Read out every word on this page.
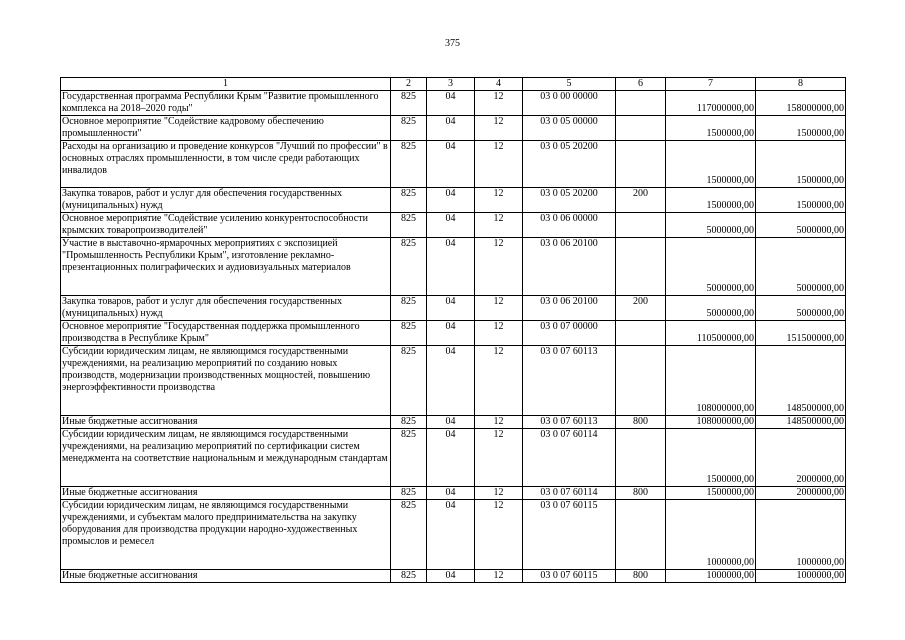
375
1	2	3	4	5	6	7	8
Государственная программа Республики Крым "Развитие промышленного комплекса на 2018–2020 годы"	825	04	12	03 0 00 00000		117000000,00	158000000,00
Основное мероприятие "Содействие кадровому обеспечению промышленности"	825	04	12	03 0 05 00000		1500000,00	1500000,00
Расходы на организацию и проведение конкурсов "Лучший по профессии" в основных отраслях промышленности, в том числе среди работающих инвалидов	825	04	12	03 0 05 20200		1500000,00	1500000,00
Закупка товаров, работ и услуг для обеспечения государственных (муниципальных) нужд	825	04	12	03 0 05 20200	200	1500000,00	1500000,00
Основное мероприятие "Содействие усилению конкурентоспособности крымских товаропроизводителей"	825	04	12	03 0 06 00000		5000000,00	5000000,00
Участие в выставочно-ярмарочных мероприятиях с экспозицией "Промышленность Республики Крым", изготовление рекламно-презентационных полиграфических и аудиовизуальных материалов	825	04	12	03 0 06 20100		5000000,00	5000000,00
Закупка товаров, работ и услуг для обеспечения государственных (муниципальных) нужд	825	04	12	03 0 06 20100	200	5000000,00	5000000,00
Основное мероприятие "Государственная поддержка промышленного производства в Республике Крым"	825	04	12	03 0 07 00000		110500000,00	151500000,00
Субсидии юридическим лицам, не являющимся государственными учреждениями, на реализацию мероприятий по созданию новых производств, модернизации производственных мощностей, повышению энергоэффективности производства	825	04	12	03 0 07 60113		108000000,00	148500000,00
Иные бюджетные ассигнования	825	04	12	03 0 07 60113	800	108000000,00	148500000,00
Субсидии юридическим лицам, не являющимся государственными учреждениями, на реализацию мероприятий по сертификации систем менеджмента на соответствие национальным и международным стандартам	825	04	12	03 0 07 60114		1500000,00	2000000,00
Иные бюджетные ассигнования	825	04	12	03 0 07 60114	800	1500000,00	2000000,00
Субсидии юридическим лицам, не являющимся государственными учреждениями, и субъектам малого предпринимательства на закупку оборудования для производства продукции народно-художественных промыслов и ремесел	825	04	12	03 0 07 60115		1000000,00	1000000,00
Иные бюджетные ассигнования	825	04	12	03 0 07 60115	800	1000000,00	1000000,00
